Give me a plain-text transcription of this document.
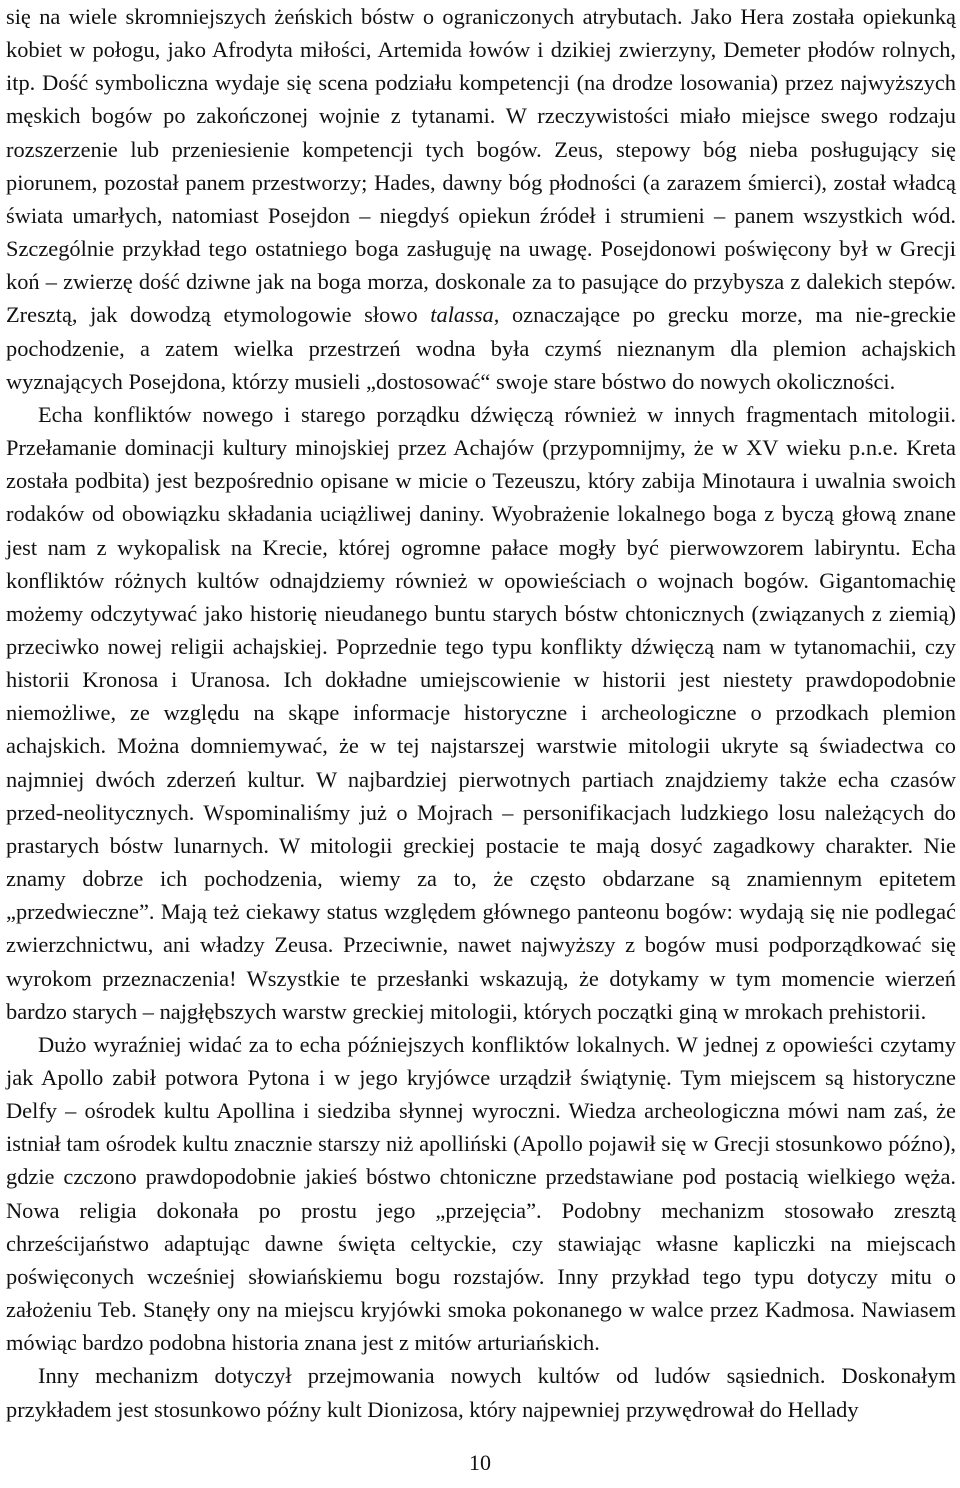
się na wiele skromniejszych żeńskich bóstw o ograniczonych atrybutach. Jako Hera została opiekunką kobiet w połogu, jako Afrodyta miłości, Artemida łowów i dzikiej zwierzyny, Demeter płodów rolnych, itp. Dość symboliczna wydaje się scena podziału kompetencji (na drodze losowania) przez najwyższych męskich bogów po zakończonej wojnie z tytanami. W rzeczywistości miało miejsce swego rodzaju rozszerzenie lub przeniesienie kompetencji tych bogów. Zeus, stepowy bóg nieba posługujący się piorunem, pozostał panem przestworzy; Hades, dawny bóg płodności (a zarazem śmierci), został władcą świata umarłych, natomiast Posejdon – niegdyś opiekun źródeł i strumieni – panem wszystkich wód. Szczególnie przykład tego ostatniego boga zasługuję na uwagę. Posejdonowi poświęcony był w Grecji koń – zwierzę dość dziwne jak na boga morza, doskonale za to pasujące do przybysza z dalekich stepów. Zresztą, jak dowodzą etymologowie słowo talassa, oznaczające po grecku morze, ma nie-greckie pochodzenie, a zatem wielka przestrzeń wodna była czymś nieznanym dla plemion achajskich wyznających Posejdona, którzy musieli „dostosować“ swoje stare bóstwo do nowych okoliczności.

Echa konfliktów nowego i starego porządku dźwięczą również w innych fragmentach mitologii. Przełamanie dominacji kultury minojskiej przez Achajów (przypomnijmy, że w XV wieku p.n.e. Kreta została podbita) jest bezpośrednio opisane w micie o Tezeuszu, który zabija Minotaura i uwalnia swoich rodaków od obowiązku składania uciążliwej daniny. Wyobrażenie lokalnego boga z byczą głową znane jest nam z wykopalisk na Krecie, której ogromne pałace mogły być pierwowzorem labiryntu. Echa konfliktów różnych kultów odnajdziemy również w opowieściach o wojnach bogów. Gigantomachię możemy odczytywać jako historię nieudanego buntu starych bóstw chtonicznych (związanych z ziemią) przeciwko nowej religii achajskiej. Poprzednie tego typu konflikty dźwięczą nam w tytanomachii, czy historii Kronosa i Uranosa. Ich dokładne umiejscowienie w historii jest niestety prawdopodobnie niemożliwe, ze względu na skąpe informacje historyczne i archeologiczne o przodkach plemion achajskich. Można domniemywać, że w tej najstarszej warstwie mitologii ukryte są świadectwa co najmniej dwóch zderzeń kultur. W najbardziej pierwotnych partiach znajdziemy także echa czasów przed-neolitycznych. Wspominaliśmy już o Mojrach – personifikacjach ludzkiego losu należących do prastarych bóstw lunarnych. W mitologii greckiej postacie te mają dosyć zagadkowy charakter. Nie znamy dobrze ich pochodzenia, wiemy za to, że często obdarzane są znamiennym epitetem „przedwieczne”. Mają też ciekawy status względem głównego panteonu bogów: wydają się nie podlegać zwierzchnictwu, ani władzy Zeusa. Przeciwnie, nawet najwyższy z bogów musi podporządkować się wyrokom przeznaczenia! Wszystkie te przesłanki wskazują, że dotykamy w tym momencie wierzeń bardzo starych – najgłębszych warstw greckiej mitologii, których początki giną w mrokach prehistorii.

Dużo wyraźniej widać za to echa późniejszych konfliktów lokalnych. W jednej z opowieści czytamy jak Apollo zabił potwora Pytona i w jego kryjówce urządził świątynię. Tym miejscem są historyczne Delfy – ośrodek kultu Apollina i siedziba słynnej wyroczni. Wiedza archeologiczna mówi nam zaś, że istniał tam ośrodek kultu znacznie starszy niż apolliński (Apollo pojawił się w Grecji stosunkowo późno), gdzie czczono prawdopodobnie jakieś bóstwo chtoniczne przedstawiane pod postacią wielkiego węża. Nowa religia dokonała po prostu jego „przejęcia”. Podobny mechanizm stosowało zresztą chrześcijaństwo adaptując dawne święta celtyckie, czy stawiając własne kapliczki na miejscach poświęconych wcześniej słowiańskiemu bogu rozstajów. Inny przykład tego typu dotyczy mitu o założeniu Teb. Stanęły ony na miejscu kryjówki smoka pokonanego w walce przez Kadmosa. Nawiasem mówiąc bardzo podobna historia znana jest z mitów arturiańskich.

Inny mechanizm dotyczył przejmowania nowych kultów od ludów sąsiednich. Doskonałym przykładem jest stosunkowo późny kult Dionizosa, który najpewniej przywędrował do Hellady

10
